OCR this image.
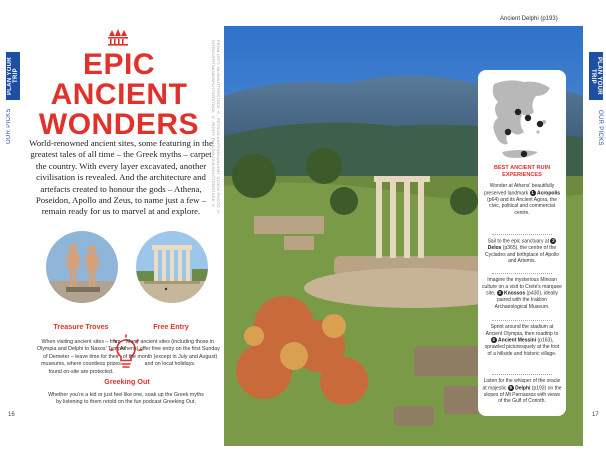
PLAN YOUR TRIP
OUR PICKS
EPIC
ANCIENT
WONDERS
World-renowned ancient sites, some featuring in the greatest tales of all time – the Greek myths – carpet the country. With every layer excavated, another civilisation is revealed. And the architecture and artefacts created to honour the gods – Athena, Poseidon, Apollo and Zeus, to name just a few – remain ready for us to marvel at and explore.
Treasure Troves	Free Entry
Greeking Out
When visiting ancient sites – from Olympia and Delphi to Naxos' Temple of Demeter – leave time for their museums, where countless prizes found on-site are protected.
Many ancient sites (including those in Athens) offer free entry on the first Sunday of the month (except in July and August) and on local holidays.
Whether you're a kid or just feel like one, soak up the Greek myths by listening to them retold on the fun podcast Greeking Out.
16
FROM LEFT: ML/SHUTTERSTOCK ©, PETROS ANTONIOU/ALAMY STOCK PHOTO ©, INTROVERTNANA/SHUTTERSTOCK ©, RIGHT: PAULGOUVIS/SHUTTERSTOCK ©
Ancient Delphi (p193)
PLAN YOUR TRIP
OUR PICKS
BEST ANCIENT RUIN EXPERIENCES
Wonder at Athens' beautifully preserved landmark 1 Acropolis (p64) and its Ancient Agora, the civic, political and commercial centre.
Sail to the epic sanctuary at 2 Delos (p365), the centre of the Cyclades and birthplace of Apollo and Artemis.
Imagine the mysterious Minoan culture on a visit to Crete's marquee site, 3 Knossos (p430), ideally paired with the Iraklion Archaeological Museum.
Sprint around the stadium at Ancient Olympia, then roadtrip to 4 Ancient Messini (p163), sprawled picturesquely at the foot of a hillside and historic village.
Listen for the whisper of the oracle at majestic 5 Delphi (p193) on the slopes of Mt Parnassos with views of the Gulf of Corinth.
17
